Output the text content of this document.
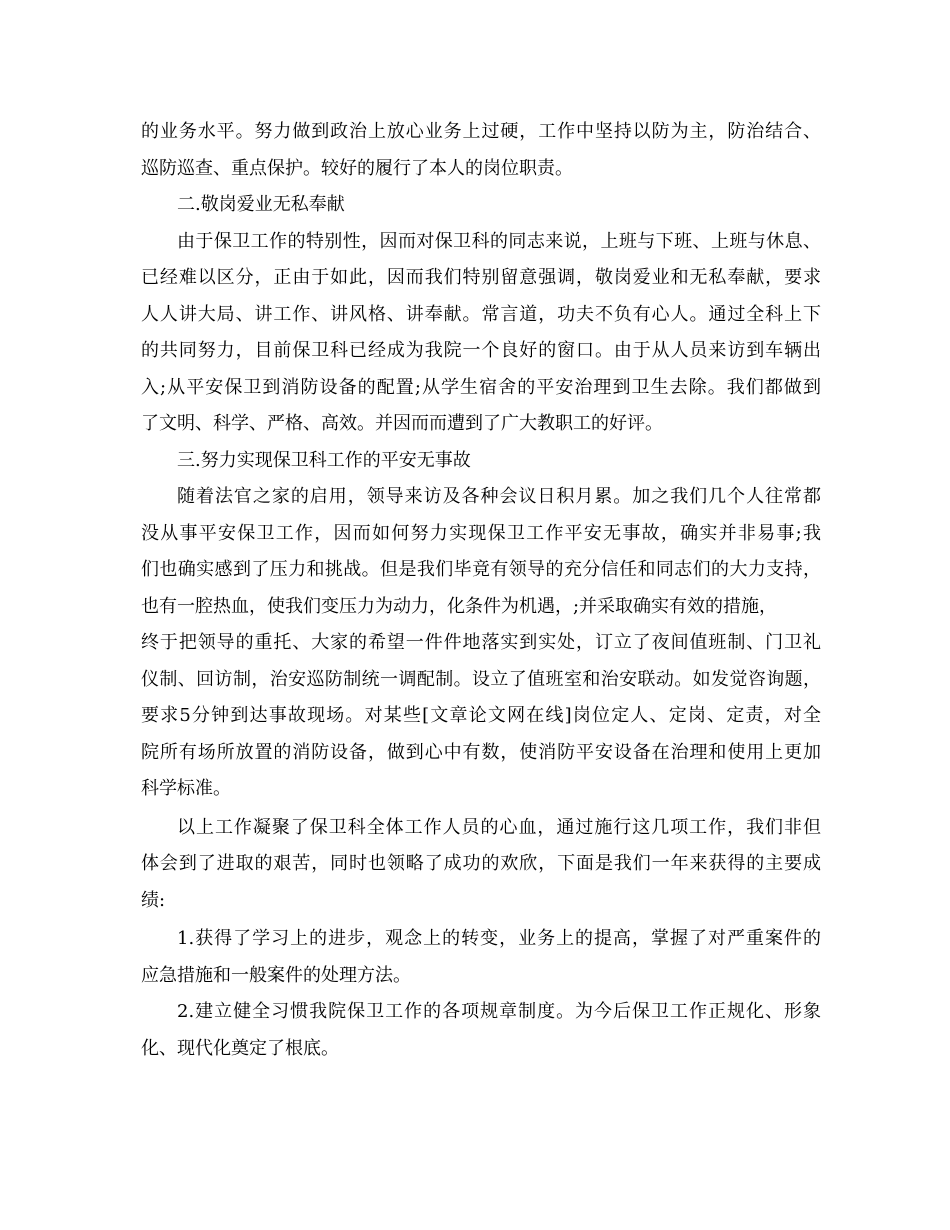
的业务水平。努力做到政治上放心业务上过硬，工作中坚持以防为主，防治结合、
巡防巡查、重点保护。较好的履行了本人的岗位职责。
二.敬岗爱业无私奉献
由于保卫工作的特别性，因而对保卫科的同志来说，上班与下班、上班与休息、
已经难以区分，正由于如此，因而我们特别留意强调，敬岗爱业和无私奉献，要求
人人讲大局、讲工作、讲风格、讲奉献。常言道，功夫不负有心人。通过全科上下
的共同努力，目前保卫科已经成为我院一个良好的窗口。由于从人员来访到车辆出
入;从平安保卫到消防设备的配置;从学生宿舍的平安治理到卫生去除。我们都做到
了文明、科学、严格、高效。并因而而遭到了广大教职工的好评。
三.努力实现保卫科工作的平安无事故
随着法官之家的启用，领导来访及各种会议日积月累。加之我们几个人往常都
没从事平安保卫工作，因而如何努力实现保卫工作平安无事故，确实并非易事;我
们也确实感到了压力和挑战。但是我们毕竟有领导的充分信任和同志们的大力支持，
也有一腔热血，使我们变压力为动力，化条件为机遇，;并采取确实有效的措施，
终于把领导的重托、大家的希望一件件地落实到实处，订立了夜间值班制、门卫礼
仪制、回访制，治安巡防制统一调配制。设立了值班室和治安联动。如发觉咨询题，
要求5分钟到达事故现场。对某些[文章论文网在线]岗位定人、定岗、定责，对全
院所有场所放置的消防设备，做到心中有数，使消防平安设备在治理和使用上更加
科学标准。
以上工作凝聚了保卫科全体工作人员的心血，通过施行这几项工作，我们非但
体会到了进取的艰苦，同时也领略了成功的欢欣，下面是我们一年来获得的主要成
绩:
1.获得了学习上的进步，观念上的转变，业务上的提高，掌握了对严重案件的
应急措施和一般案件的处理方法。
2.建立健全习惯我院保卫工作的各项规章制度。为今后保卫工作正规化、形象
化、现代化奠定了根底。
